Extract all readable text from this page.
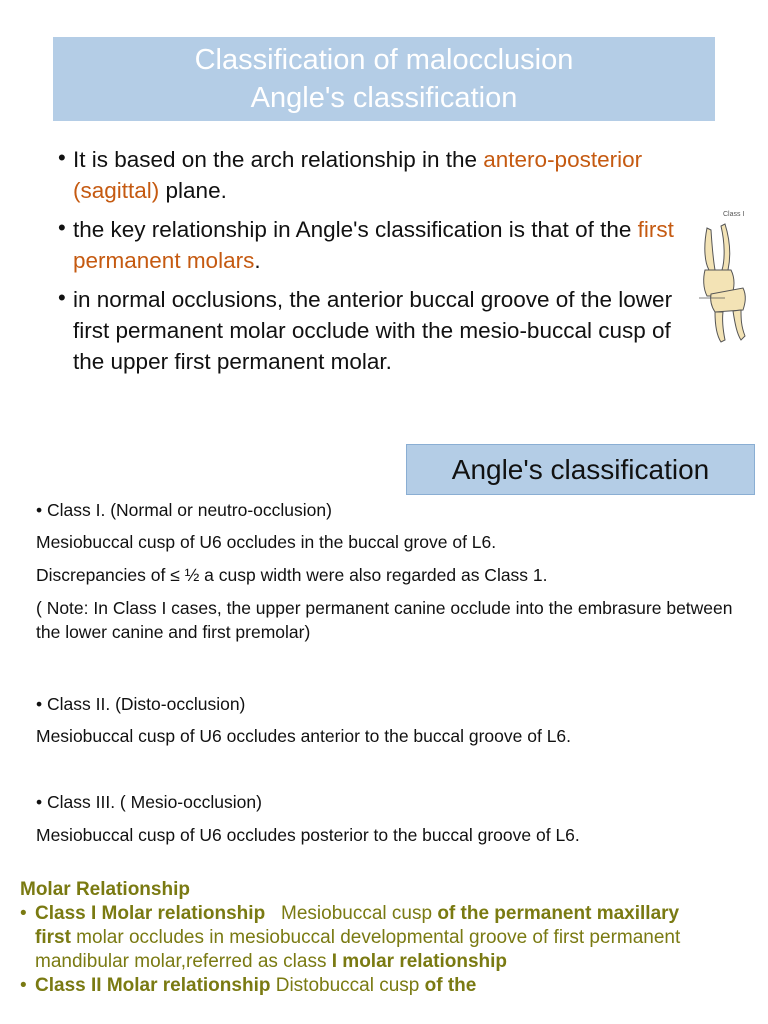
Classification of malocclusion
Angle's classification
• It is based on the arch relationship in the antero-posterior (sagittal) plane.
• the key relationship in Angle's classification is that of the first permanent molars.
• in normal occlusions, the anterior buccal groove of the lower first permanent molar occlude with the mesio-buccal cusp of the upper first permanent molar.
Class I
Angle's classification

• Class I. (Normal or neutro-occlusion)

Mesiobuccal cusp of U6 occludes in the buccal grove of L6.

Discrepancies of ≤ ½ a cusp width were also regarded as Class 1.

( Note: In Class I cases, the upper permanent canine occlude into the embrasure between the lower canine and first premolar)

• Class II. (Disto-occlusion)

Mesiobuccal cusp of U6 occludes anterior to the buccal groove of L6.

• Class III. ( Mesio-occlusion)

Mesiobuccal cusp of U6 occludes posterior to the buccal groove of L6.

Molar Relationship
• Class I Molar relationship   Mesiobuccal cusp of the permanent maxillary first molar occludes in mesiobuccal developmental groove of first permanent mandibular molar,referred as class I molar relationship
• Class II Molar relationship Distobuccal cusp of the
